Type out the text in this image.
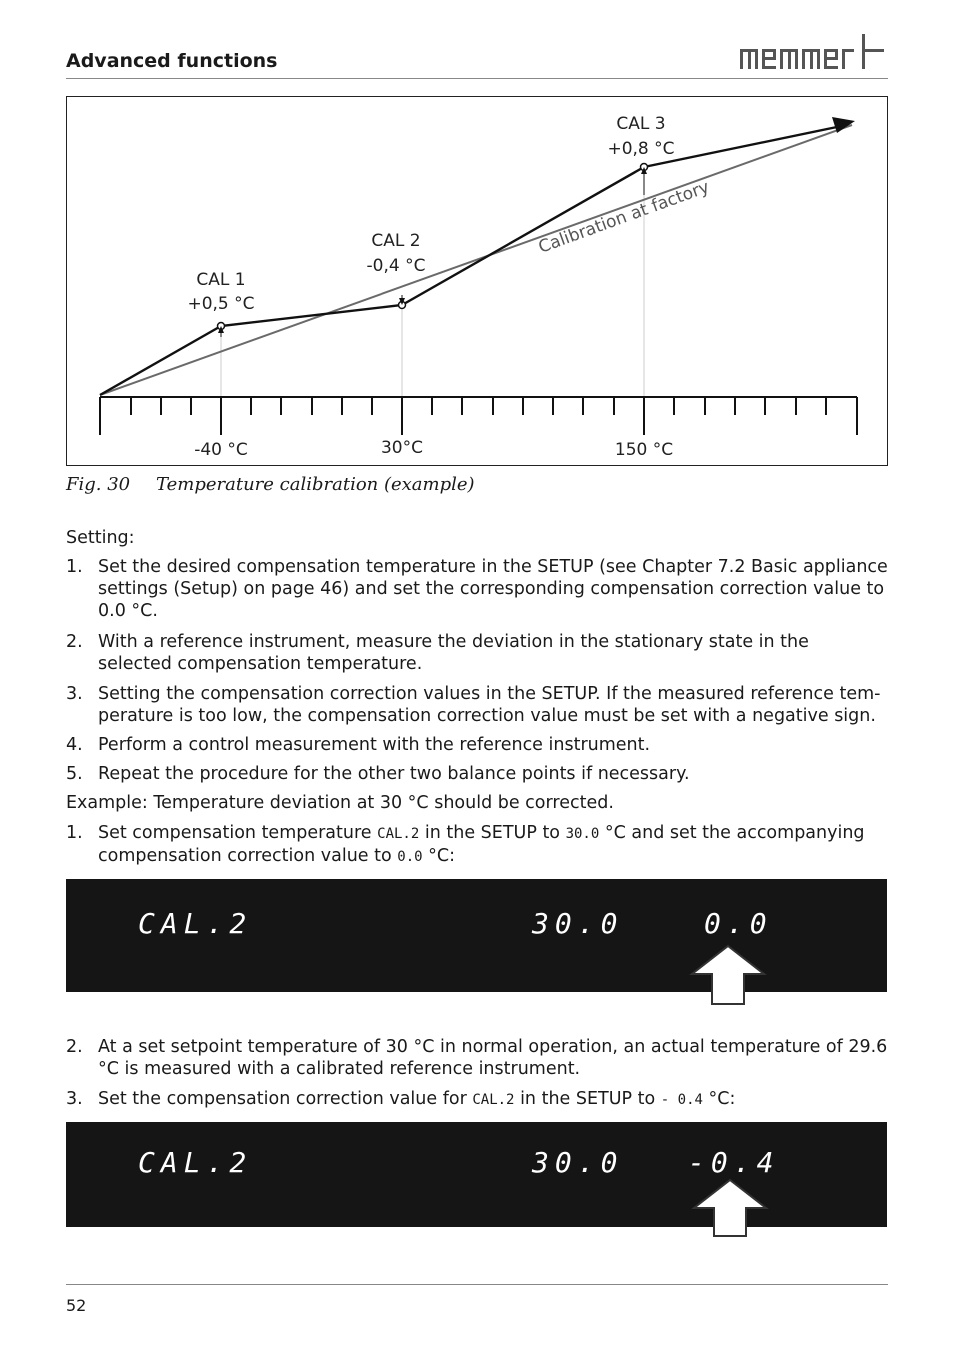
Advanced functions
CAL 1
+0,5 °C
CAL 2
-0,4 °C
CAL 3
+0,8 °C
-40 °C	30°C	150 °C
Calibration at factory
Fig. 30 Temperature calibration (example)
Setting:
1. Set the desired compensation temperature in the SETUP (see Chapter 7.2 Basic appliance settings (Setup) on page 46) and set the corresponding compensation correction value to 0.0 °C.
2. With a reference instrument, measure the deviation in the stationary state in the selected compensation temperature.
3. Setting the compensation correction values in the SETUP. If the measured reference tem-perature is too low, the compensation correction value must be set with a negative sign.
4. Perform a control measurement with the reference instrument.
5. Repeat the procedure for the other two balance points if necessary.
Example: Temperature deviation at 30 °C should be corrected.
1. Set compensation temperature CAL.2 in the SETUP to 30.0 °C and set the accompanying compensation correction value to 0.0 °C:
CAL.2	30.0	0.0
2. At a set setpoint temperature of 30 °C in normal operation, an actual temperature of 29.6 °C is measured with a calibrated reference instrument.
3. Set the compensation correction value for CAL.2 in the SETUP to - 0.4 °C:
CAL.2	30.0 -0.4
52
